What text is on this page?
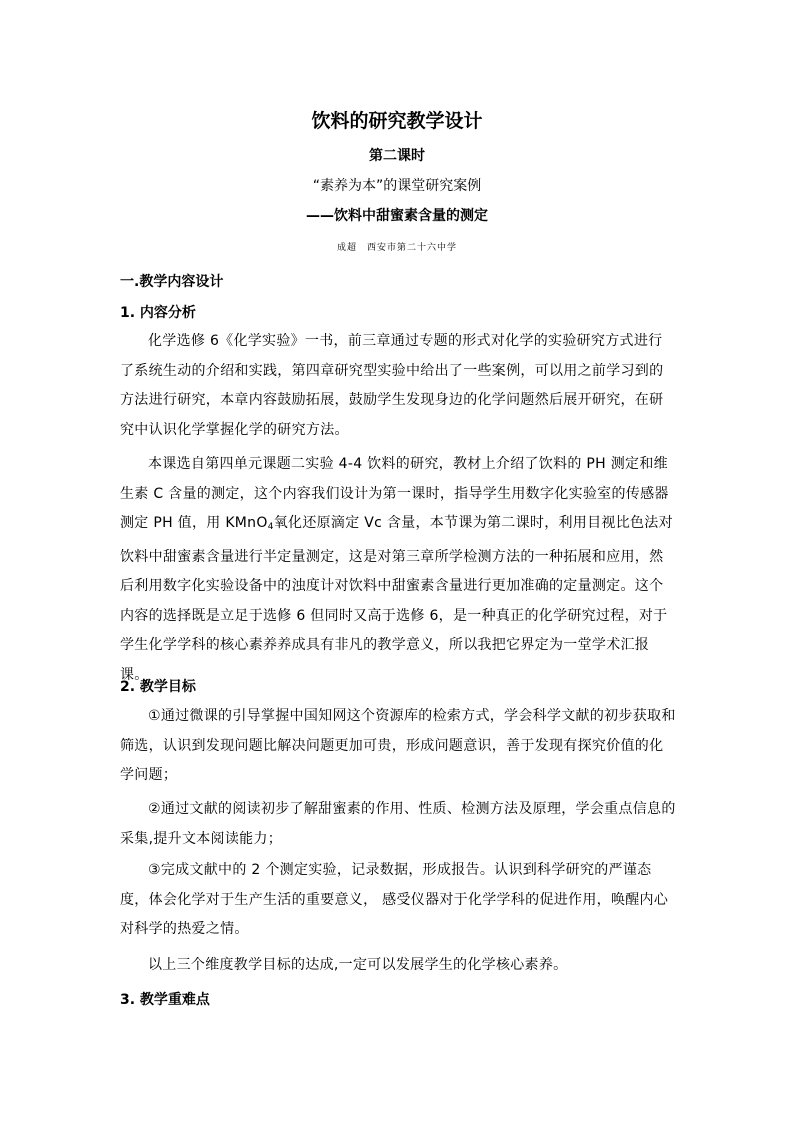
饮料的研究教学设计
第二课时
“素养为本”的课堂研究案例
——饮料中甜蜜素含量的测定
成超　西安市第二十六中学
一.教学内容设计
1. 内容分析
化学选修 6《化学实验》一书，前三章通过专题的形式对化学的实验研究方式进行了系统生动的介绍和实践，第四章研究型实验中给出了一些案例，可以用之前学习到的方法进行研究，本章内容鼓励拓展，鼓励学生发现身边的化学问题然后展开研究，在研究中认识化学掌握化学的研究方法。
本课选自第四单元课题二实验 4-4 饮料的研究，教材上介绍了饮料的 PH 测定和维生素 C 含量的测定，这个内容我们设计为第一课时，指导学生用数字化实验室的传感器测定 PH 值，用 KMnO$_4$氧化还原滴定 Vc 含量，本节课为第二课时，利用目视比色法对饮料中甜蜜素含量进行半定量测定，这是对第三章所学检测方法的一种拓展和应用，然后利用数字化实验设备中的浊度计对饮料中甜蜜素含量进行更加准确的定量测定。这个内容的选择既是立足于选修 6 但同时又高于选修 6，是一种真正的化学研究过程，对于学生化学学科的核心素养养成具有非凡的教学意义，所以我把它界定为一堂学术汇报课。
2. 教学目标
①通过微课的引导掌握中国知网这个资源库的检索方式，学会科学文献的初步获取和筛选，认识到发现问题比解决问题更加可贵，形成问题意识，善于发现有探究价值的化学问题；
②通过文献的阅读初步了解甜蜜素的作用、性质、检测方法及原理，学会重点信息的采集,提升文本阅读能力；
③完成文献中的 2 个测定实验，记录数据，形成报告。认识到科学研究的严谨态度，体会化学对于生产生活的重要意义， 感受仪器对于化学学科的促进作用，唤醒内心对科学的热爱之情。
以上三个维度教学目标的达成,一定可以发展学生的化学核心素养。
3. 教学重难点
